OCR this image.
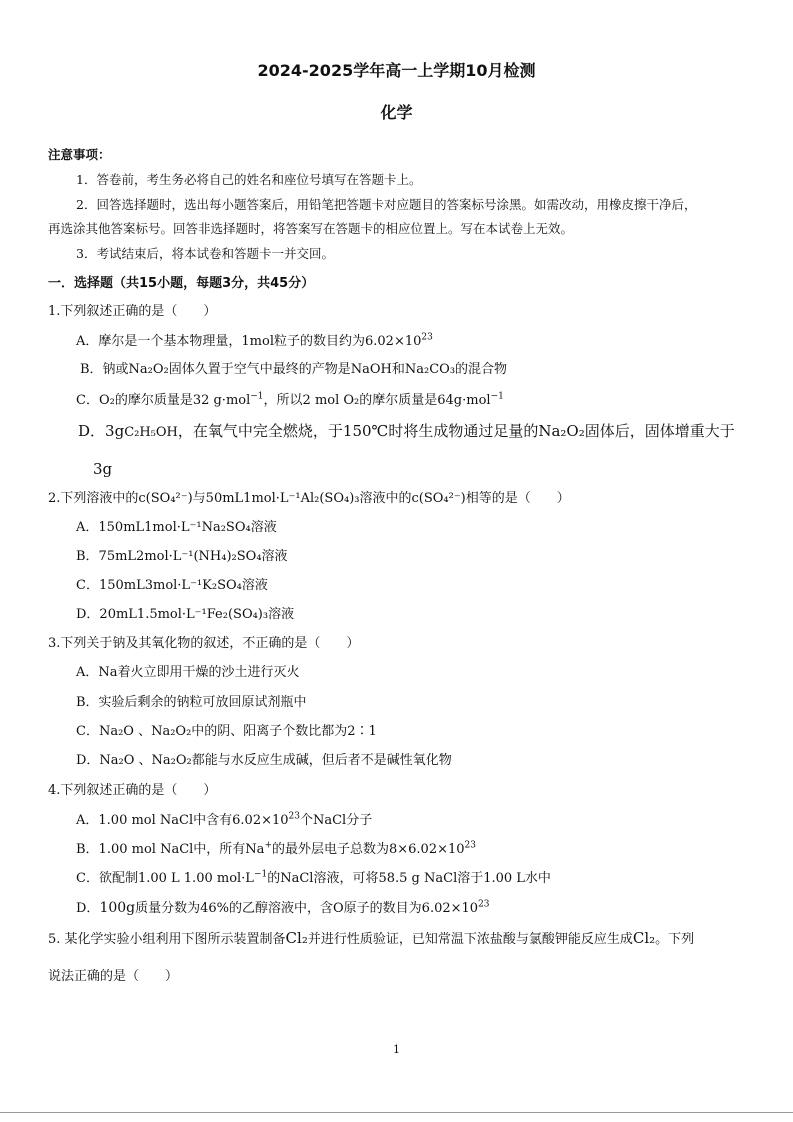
2024-2025学年高一上学期10月检测
化学
注意事项：
1．答卷前，考生务必将自己的姓名和座位号填写在答题卡上。
2．回答选择题时，选出每小题答案后，用铅笔把答题卡对应题目的答案标号涂黑。如需改动，用橡皮擦干净后，
再选涂其他答案标号。回答非选择题时，将答案写在答题卡的相应位置上。写在本试卷上无效。
3．考试结束后，将本试卷和答题卡一并交回。
一．选择题（共15小题，每题3分，共45分）
1.下列叙述正确的是（　　）
A．摩尔是一个基本物理量，1mol粒子的数目约为$6.02\times 10^{23}$
B．钠或Na₂O₂固体久置于空气中最终的产物是NaOH和Na₂CO₃的混合物
C．O₂的摩尔质量是32 g·mol$^{-1}$，所以2 mol O₂的摩尔质量是64g·mol$^{-1}$
D．3gC₂H₅OH，在氧气中完全燃烧，于150℃时将生成物通过足量的Na₂O₂固体后，固体增重大于
3g
2.下列溶液中的c(SO₄²⁻)与50mL1mol·L⁻¹Al₂(SO₄)₃溶液中的c(SO₄²⁻)相等的是（　　）
A．150mL1mol·L⁻¹Na₂SO₄溶液
B．75mL2mol·L⁻¹(NH₄)₂SO₄溶液
C．150mL3mol·L⁻¹K₂SO₄溶液
D．20mL1.5mol·L⁻¹Fe₂(SO₄)₃溶液
3.下列关于钠及其氧化物的叙述，不正确的是（　　）
A．Na着火立即用干燥的沙土进行灭火
B．实验后剩余的钠粒可放回原试剂瓶中
C．Na₂O 、Na₂O₂中的阴、阳离子个数比都为2∶1
D．Na₂O 、Na₂O₂都能与水反应生成碱，但后者不是碱性氧化物
4.下列叙述正确的是（　　）
A．1.00 mol NaCl中含有$6.02\times 10^{23}$个NaCl分子
B．1.00 mol NaCl中，所有Na+的最外层电子总数为$8\times 6.02\times 10^{23}$
C．欲配制1.00 L 1.00 $mol\cdot L^{-1}$的NaCl溶液，可将58.5 g NaCl溶于1.00 L水中
D．100g质量分数为46%的乙醇溶液中，含O原子的数目为$6.02\times 10^{23}$
5. 某化学实验小组利用下图所示装置制备Cl₂并进行性质验证，已知常温下浓盐酸与氯酸钾能反应生成Cl₂。下列
说法正确的是（　　）
1
